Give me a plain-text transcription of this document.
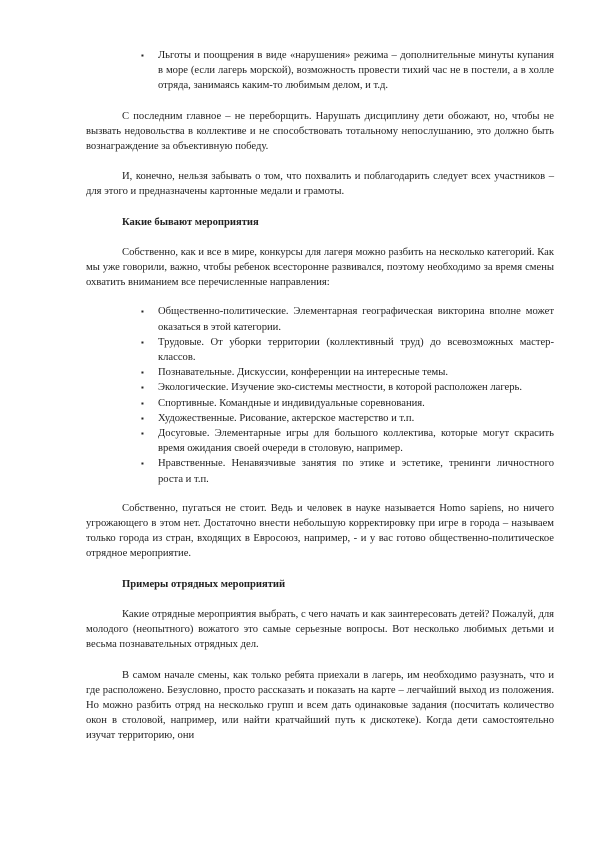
▪ Льготы и поощрения в виде «нарушения» режима – дополнительные минуты купания в море (если лагерь морской), возможность провести тихий час не в постели, а в холле отряда, занимаясь каким-то любимым делом, и т.д.

С последним главное – не переборщить. Нарушать дисциплину дети обожают, но, чтобы не вызвать недовольства в коллективе и не способствовать тотальному непослушанию, это должно быть вознаграждение за объективную победу.

И, конечно, нельзя забывать о том, что похвалить и поблагодарить следует всех участников – для этого и предназначены картонные медали и грамоты.

Какие бывают мероприятия

Собственно, как и все в мире, конкурсы для лагеря можно разбить на несколько категорий. Как мы уже говорили, важно, чтобы ребенок всесторонне развивался, поэтому необходимо за время смены охватить вниманием все перечисленные направления:

▪ Общественно-политические. Элементарная географическая викторина вполне может оказаться в этой категории.
▪ Трудовые. От уборки территории (коллективный труд) до всевозможных мастер-классов.
▪ Познавательные. Дискуссии, конференции на интересные темы.
▪ Экологические. Изучение эко-системы местности, в которой расположен лагерь.
▪ Спортивные. Командные и индивидуальные соревнования.
▪ Художественные. Рисование, актерское мастерство и т.п.
▪ Досуговые. Элементарные игры для большого коллектива, которые могут скрасить время ожидания своей очереди в столовую, например.
▪ Нравственные. Ненавязчивые занятия по этике и эстетике, тренинги личностного роста и т.п.

Собственно, пугаться не стоит. Ведь и человек в науке называется Homo sapiens, но ничего угрожающего в этом нет. Достаточно внести небольшую корректировку при игре в города – называем только города из стран, входящих в Евросоюз, например, - и у вас готово общественно-политическое отрядное мероприятие.

Примеры отрядных мероприятий

Какие отрядные мероприятия выбрать, с чего начать и как заинтересовать детей? Пожалуй, для молодого (неопытного) вожатого это самые серьезные вопросы. Вот несколько любимых детьми и весьма познавательных отрядных дел.

В самом начале смены, как только ребята приехали в лагерь, им необходимо разузнать, что и где расположено. Безусловно, просто рассказать и показать на карте – легчайший выход из положения. Но можно разбить отряд на несколько групп и всем дать одинаковые задания (посчитать количество окон в столовой, например, или найти кратчайший путь к дискотеке). Когда дети самостоятельно изучат территорию, они
